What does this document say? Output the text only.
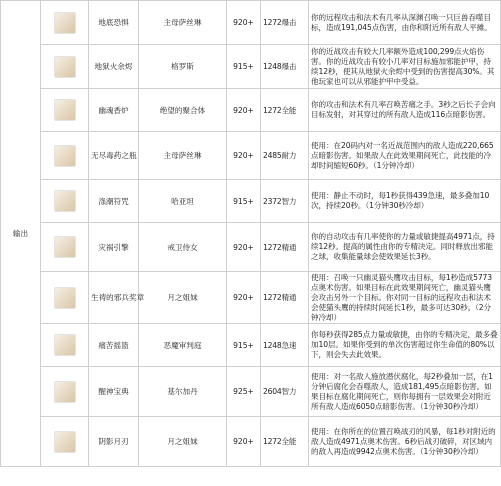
输出		地底恐惧	主母萨丝琳	920+	1272爆击	你的远程攻击和法术有几率从深渊召唤一只巨兽吞噬目标，造成191,045点伤害，由你和附近所有敌人平摊。

		地狱火余烬	格罗斯	915+	1248爆击	你的近战攻击有较大几率额外造成100,299点火焰伤害。你的近战攻击有较小几率对目标施加邪能护甲，持续12秒，使其从地狱火余烬中受到的伤害提高30%。其他玩家也可以从邪能护甲中受益。

		幽魂香炉	绝望的聚合体	920+	1272全能	你的攻击和法术有几率召唤苦痛之手。3秒之后长子会向目标发射，对其穿过的所有敌人造成116点暗影伤害。

		无尽毒药之瓶	主母萨丝琳	920+	2485耐力	使用：在20码内对一名近战范围内的敌人造成220,665点暗影伤害。如果敌人在此效果期间死亡，此技能的冷却时间缩短60秒。（1分钟冷却）

		涤潮符咒	哈亚坦	915+	2372智力	使用：静止不动时，每1秒获得439急速，最多叠加10次，持续20秒。（1分钟30秒冷却）

		灾祸引擎	戒卫侍女	920+	1272精通	你的自动攻击有几率使你的力量或敏捷提高4971点，持续12秒。提高的属性由你的专精决定。同时释放出邪能之球，收集能量球会使效果延长3秒。

		生祷的邪兵奖章	月之姐妹	920+	1272精通	使用：召唤一只幽灵猫头鹰攻击目标，每1秒造成5773点奥术伤害。如果目标在此效果期间死亡，幽灵猫头鹰会攻击另外一个目标。你对同一目标的远程攻击和法术会使猫头鹰的持续时间延长1秒，最多可达30秒。（2分钟冷却）

		痛苦摇篮	恶魔审判庭	915+	1248急速	你每秒获得285点力量或敏捷，由你的专精决定，最多叠加10层。如果你受到的单次伤害超过你生命值的80%以下，则会失去此效果。

		醒神宝典	基尔加丹	925+	2604智力	使用：对一名敌人施放潜伏腐化，每2秒叠加一层，在1分钟后腐化会吞噬敌人，造成181,495点暗影伤害。如果目标在腐化期间死亡，则你每拥有一层效果会对附近所有敌人造成6050点暗影伤害。（1分钟30秒冷却）

		阴影月刃	月之姐妹	920+	1272全能	使用：在你所在的位置召唤战刃的风暴，每1秒对附近的敌人造成4971点奥术伤害。6秒后战刃破碎，对区域内的敌人再造成9942点奥术伤害。（1分钟30秒冷却）
